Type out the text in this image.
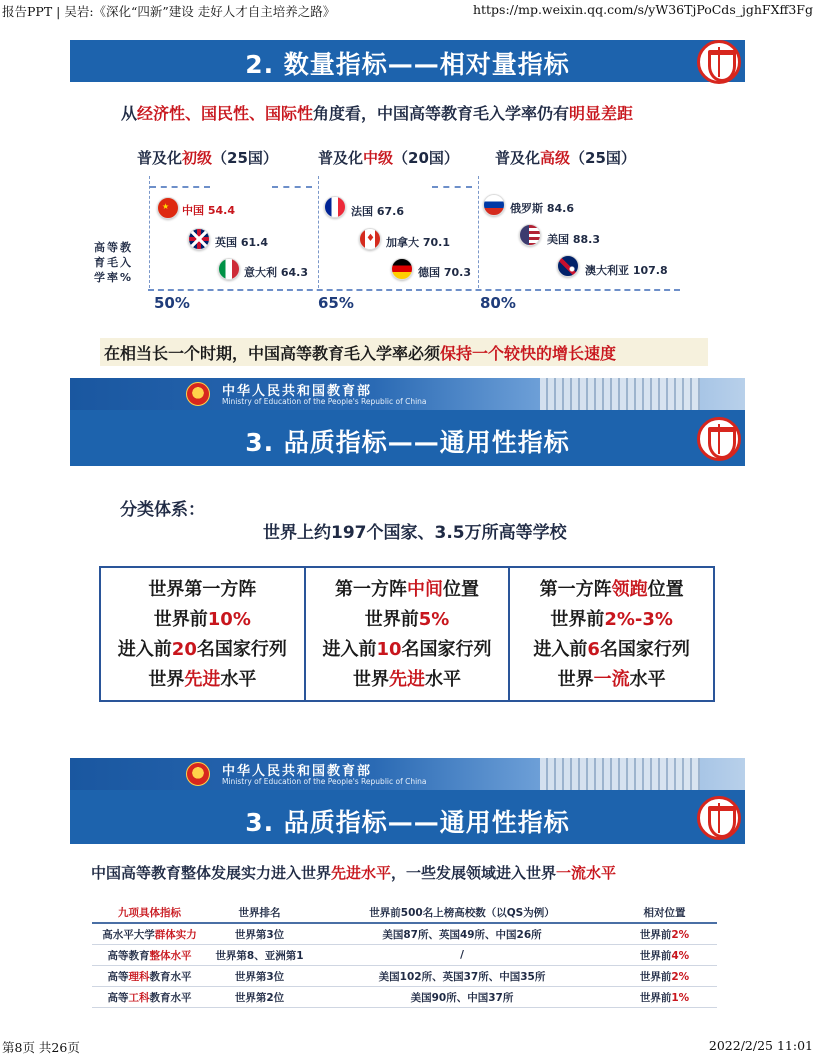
报告PPT | 吴岩:《深化“四新”建设 走好人才自主培养之路》	https://mp.weixin.qq.com/s/yW36TjPoCds_jghFXff3Fg
2. 数量指标——相对量指标
从经济性、国民性、国际性角度看，中国高等教育毛入学率仍有明显差距
普及化初级（25国）	普及化中级（20国） 普及化高级（25国）
高等教
育毛入
学率%
50%	65%	80%
★ 中国 54.4
英国 61.4
意大利 64.3
法国 67.6
♦ 加拿大 70.1
德国 70.3
俄罗斯 84.6
美国 88.3
澳大利亚 107.8
在相当长一个时期，中国高等教育毛入学率必须保持一个较快的增长速度
中华人民共和国教育部
Ministry of Education of the People's Republic of China
3. 品质指标——通用性指标
分类体系：
世界上约197个国家、3.5万所高等学校
世界第一方阵
世界前10%
进入前20名国家行列
世界先进水平
第一方阵中间位置
世界前5%
进入前10名国家行列
世界先进水平
第一方阵领跑位置
世界前2%-3%
进入前6名国家行列
世界一流水平
中华人民共和国教育部
Ministry of Education of the People's Republic of China
3. 品质指标——通用性指标
中国高等教育整体发展实力进入世界先进水平，一些发展领域进入世界一流水平
九项具体指标	世界排名	世界前500名上榜高校数（以QS为例）	相对位置
高水平大学群体实力	世界第3位	美国87所、英国49所、中国26所	世界前2%
高等教育整体水平	世界第8、亚洲第1	/	世界前4%
高等理科教育水平	世界第3位	美国102所、英国37所、中国35所	世界前2%
高等工科教育水平	世界第2位	美国90所、中国37所	世界前1%
第8页 共26页	2022/2/25 11:01
